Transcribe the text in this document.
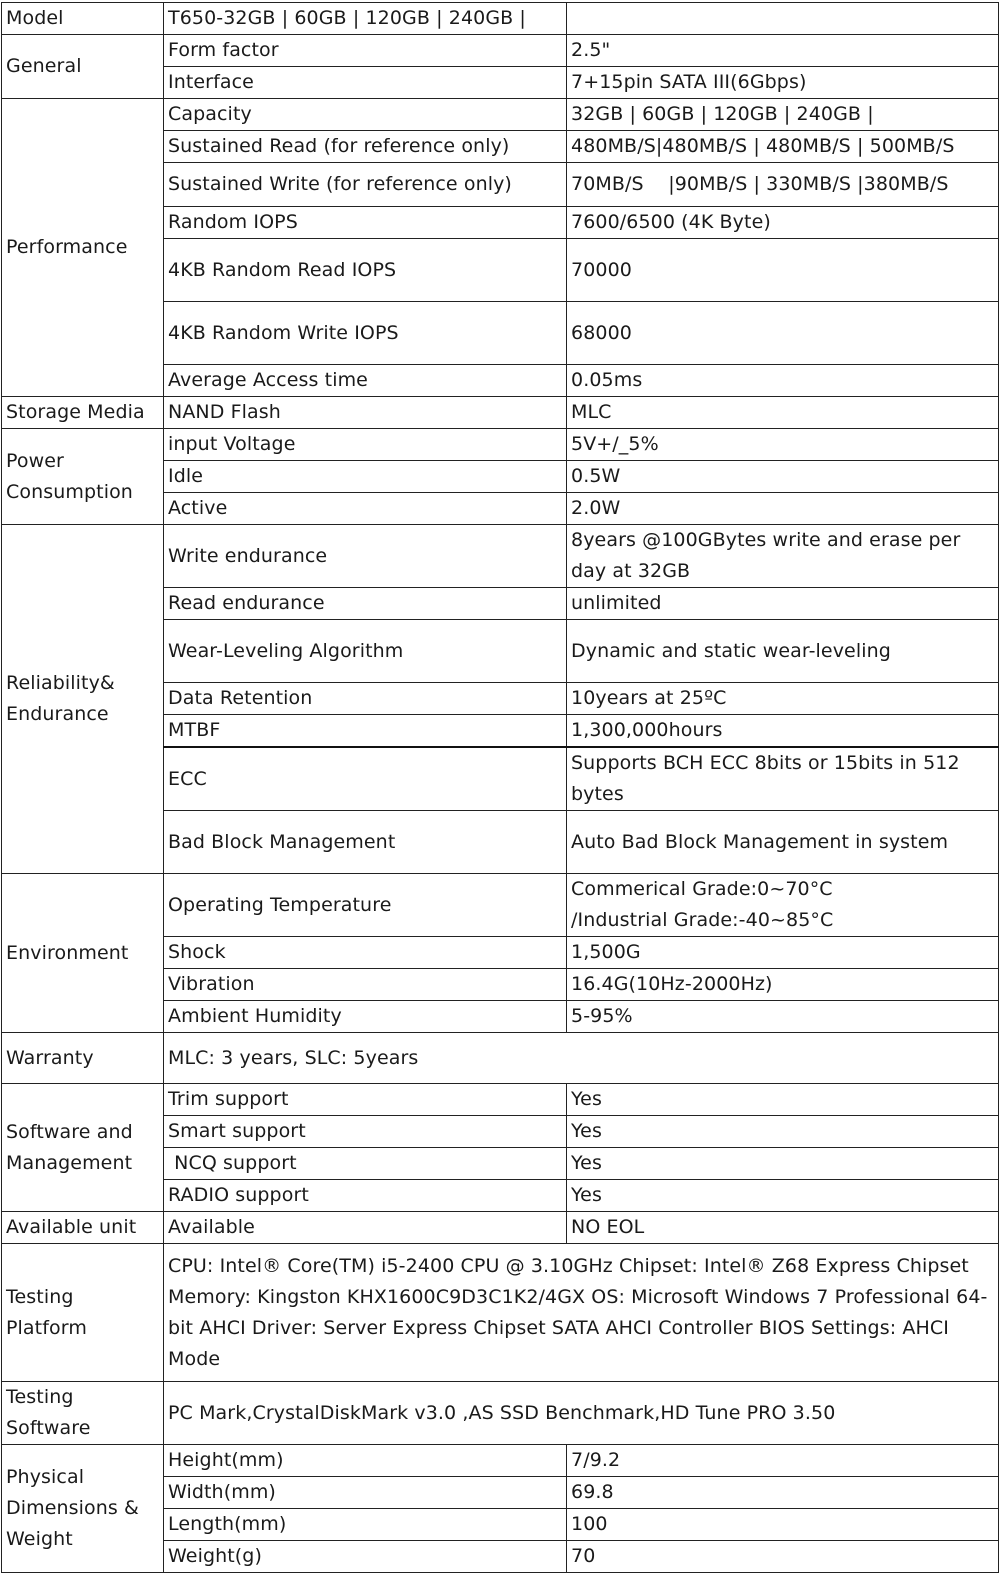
Model	T650-32GB | 60GB | 120GB | 240GB |	
General	Form factor	2.5"
	Interface	7+15pin SATA III(6Gbps)
Performance	Capacity	32GB | 60GB | 120GB | 240GB |
	Sustained Read (for reference only)	480MB/S|480MB/S | 480MB/S | 500MB/S
	Sustained Write (for reference only)	70MB/S    |90MB/S | 330MB/S |380MB/S
	Random IOPS	7600/6500 (4K Byte)
	4KB Random Read IOPS	70000
	4KB Random Write IOPS	68000
	Average Access time	0.05ms
Storage Media	NAND Flash	MLC
Power Consumption	input Voltage	5V+/_5%
	Idle	0.5W
	Active	2.0W
Reliability& Endurance	Write endurance	8years @100GBytes write and erase per day at 32GB
	Read endurance	unlimited
	Wear-Leveling Algorithm	Dynamic and static wear-leveling
	Data Retention	10years at 25ºC
	MTBF	1,300,000hours
	ECC	Supports BCH ECC 8bits or 15bits in 512 bytes
	Bad Block Management	Auto Bad Block Management in system
Environment	Operating Temperature	Commerical Grade:0~70°C /Industrial Grade:-40~85°C
	Shock	1,500G
	Vibration	16.4G(10Hz-2000Hz)
	Ambient Humidity	5-95%
Warranty	MLC: 3 years, SLC: 5years	
Software and Management	Trim support	Yes
	Smart support	Yes
	NCQ support	Yes
	RADIO support	Yes
Available unit	Available	NO EOL
Testing Platform	CPU: Intel® Core(TM) i5-2400 CPU @ 3.10GHz Chipset: Intel® Z68 Express Chipset Memory: Kingston KHX1600C9D3C1K2/4GX OS: Microsoft Windows 7 Professional 64-bit AHCI Driver: Server Express Chipset SATA AHCI Controller BIOS Settings: AHCI Mode	
Testing Software	PC Mark,CrystalDiskMark v3.0 ,AS SSD Benchmark,HD Tune PRO 3.50	
Physical Dimensions & Weight	Height(mm)	7/9.2
	Width(mm)	69.8
	Length(mm)	100
	Weight(g)	70
